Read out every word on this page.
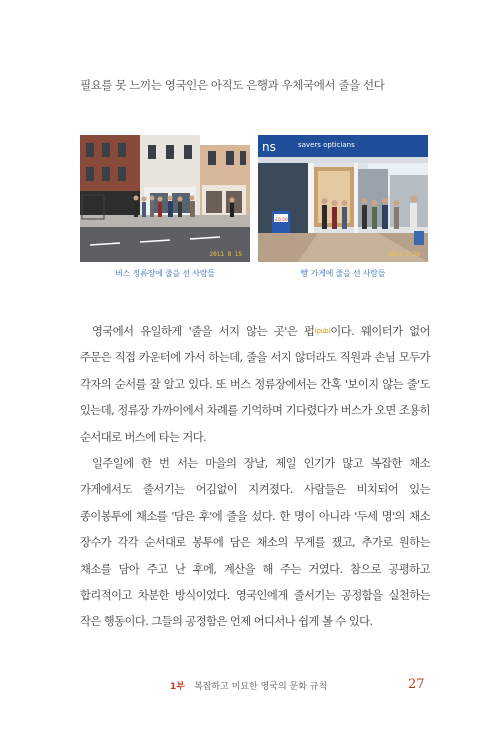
필요를 못 느끼는 영국인은 아직도 은행과 우체국에서 줄을 선다
2011 8 15
ns	savers opticians
£0.50
2011 8 20
버스 정류장에 줄을 선 사람들	빵 가게에 줄을 선 사람들

영국에서 유일하게 '줄을 서지 않는 곳'은 펍(pub)이다. 웨이터가 없어 주문은 직접 카운터에 가서 하는데, 줄을 서지 않더라도 직원과 손님 모두가 각자의 순서를 잘 알고 있다. 또 버스 정류장에서는 간혹 '보이지 않는 줄'도 있는데, 정류장 가까이에서 차례를 기억하며 기다렸다가 버스가 오면 조용히 순서대로 버스에 타는 거다.

일주일에 한 번 서는 마을의 장날, 제일 인기가 많고 복잡한 채소 가게에서도 줄서기는 어김없이 지켜졌다. 사람들은 비치되어 있는 종이봉투에 채소를 '담은 후'에 줄을 섰다. 한 명이 아니라 '두세 명'의 채소 장수가 각각 순서대로 봉투에 담은 채소의 무게를 쟀고, 추가로 원하는 채소를 담아 주고 난 후에, 계산을 해 주는 거였다. 참으로 공평하고 합리적이고 차분한 방식이었다. 영국인에게 줄서기는 공정함을 실천하는 작은 행동이다. 그들의 공정함은 언제 어디서나 쉽게 볼 수 있다.

1부 복잡하고 미묘한 영국의 문화 규칙	27
